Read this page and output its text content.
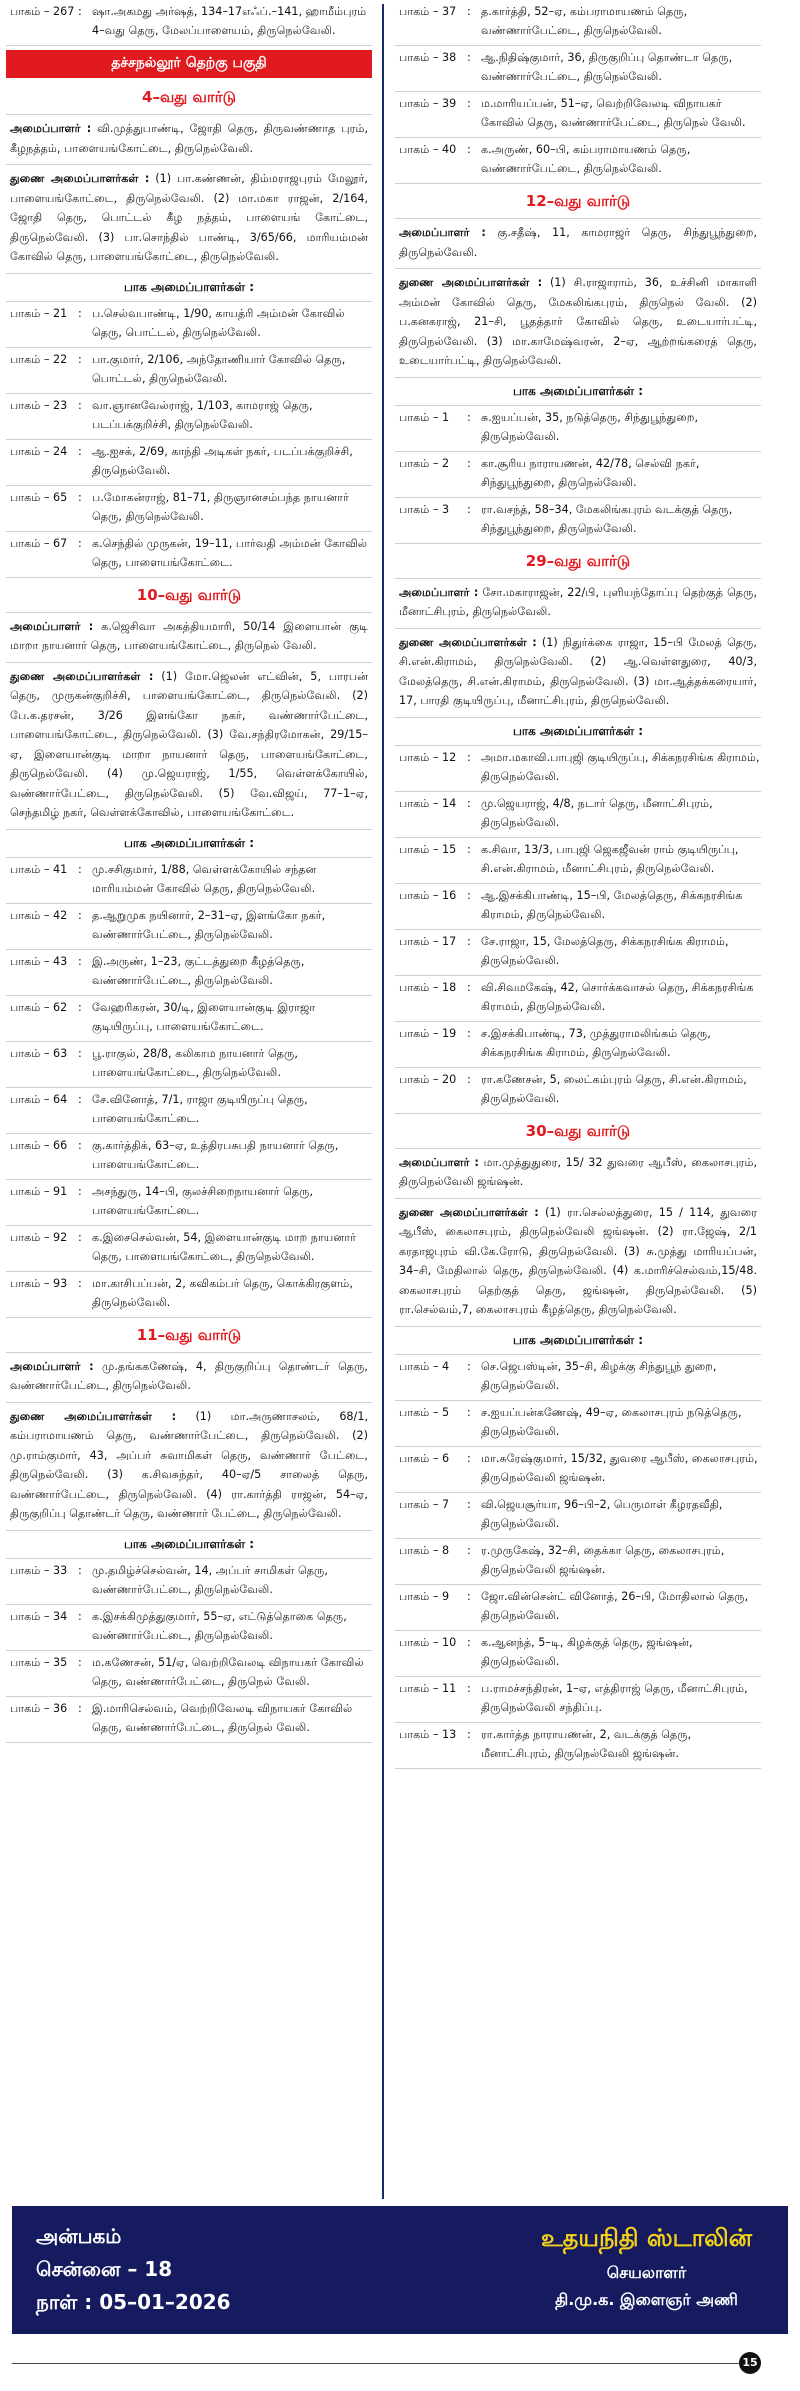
பாகம் – 267 : ஷா.அகமது அர்ஷத், 134–17எஃப்.–141, ஹாமீம்புரம் 4–வது தெரு, மேலப்பாளையம், திருநெல்வேலி.
தச்சநல்லூர் தெற்கு பகுதி
4–வது வார்டு
அமைப்பாளர் : வி.முத்துபாண்டி, ஜோதி தெரு, திருவண்ணாத புரம், கீழநத்தம், பாளையங்கோட்டை, திருநெல்வேலி.
துணை அமைப்பாளர்கள் : (1) பா.கண்ணன், திம்மராஜபுரம் மேலூர், பாளையங்கோட்டை, திருநெல்வேலி. (2) மா.மகா ராஜன், 2/164, ஜோதி தெரு, பொட்டல் கீழ நத்தம், பாளையங் கோட்டை, திருநெல்வேலி. (3) பா.சொந்தில் பாண்டி, 3/65/66, மாரியம்மன் கோவில் தெரு, பாளையங்கோட்டை, திருநெல்வேலி.
பாக அமைப்பாளர்கள் :
பாகம் – 21 : ப.செல்வபாண்டி, 1/90, காயத்ரி அம்மன் கோவில் தெரு, பொட்டல், திருநெல்வேலி.
பாகம் – 22 : பா.குமார், 2/106, அந்தோணியார் கோவில் தெரு, பொட்டல், திருநெல்வேலி.
பாகம் – 23 : வா.ஞானவேல்ராஜ், 1/103, காமராஜ் தெரு, படப்பக்குறிச்சி, திருநெல்வேலி.
பாகம் – 24 : ஆ.ஐசக், 2/69, காந்தி அடிகள் நகர், படப்பக்குறிச்சி, திருநெல்வேலி.
பாகம் – 65 : ப.மோகன்ராஜ், 81–71, திருஞானசம்பந்த நாயனார் தெரு, திருநெல்வேலி.
பாகம் – 67 : க.செந்தில் முருகன், 19–11, பார்வதி அம்மன் கோவில் தெரு, பாளையங்கோட்டை.
10–வது வார்டு
அமைப்பாளர் : க.ஜெசிவா அகத்தியமாரி, 50/14 இளையான் குடி மாறா நாயனார் தெரு, பாளையங்கோட்டை, திருநெல் வேலி.
துணை அமைப்பாளர்கள் : (1) மோ.ஜெலன் எட்வின், 5, பாரபன் தெரு, முருகன்குறிச்சி, பாளையங்கோட்டை, திருநெல்வேலி. (2) பே.க.தரசன், 3/26 இளங்கோ நகர், வண்ணார்பேட்டை, பாளையங்கோட்டை, திருநெல்வேலி. (3) வே.சந்திரமோகன், 29/15–ஏ, இளையான்குடி மாறா நாயனார் தெரு, பாளையங்கோட்டை, திருநெல்வேலி. (4) மு.ஜெயராஜ், 1/55, வெள்ளக்கோயில், வண்ணார்பேட்டை, திருநெல்வேலி. (5) வே.விஜய், 77–1–ஏ, செந்தமிழ் நகர், வெள்ளக்கோவில், பாளையங்கோட்டை.
பாக அமைப்பாளர்கள் :
பாகம் – 41 : மு.சசிகுமார், 1/88, வெள்ளக்கோயில் சந்தன மாரியம்மன் கோவில் தெரு, திருநெல்வேலி.
பாகம் – 42 : த.ஆறுமுக நயினார், 2–31–ஏ, இளங்கோ நகர், வண்ணார்பேட்டை, திருநெல்வேலி.
பாகம் – 43 : இ.அருண், 1–23, குட்டத்துறை கீழத்தெரு, வண்ணார்பேட்டை, திருநெல்வேலி.
பாகம் – 62 : வேஹரிகரன், 30/டி, இளையான்குடி இராஜா குடியிருப்பு, பாளையங்கோட்டை.
பாகம் – 63 : பூ.ராகுல், 28/8, கலிகாம நாயனார் தெரு, பாளையங்கோட்டை, திருநெல்வேலி.
பாகம் – 64 : சே.வினோத், 7/1, ராஜா குடியிருப்பு தெரு, பாளையங்கோட்டை.
பாகம் – 66 : கு.கார்த்திக், 63–ஏ, உத்திரபசுபதி நாயனார் தெரு, பாளையங்கோட்டை.
பாகம் – 91 : அசந்துரு, 14–பி, குலச்சிறைநாயனார் தெரு, பாளையங்கோட்டை.
பாகம் – 92 : க.இசைசெல்வன், 54, இளையான்குடி மாற நாயனார் தெரு, பாளையங்கோட்டை, திருநெல்வேலி.
பாகம் – 93 : மா.காசிபப்பன், 2, கவிகம்பர் தெரு, கொக்கிரகுளம், திருநெல்வேலி.
11–வது வார்டு
அமைப்பாளர் : மு.தங்ககணேஷ், 4, திருகுறிப்பு தொண்டர் தெரு, வண்ணார்பேட்டை, திருநெல்வேலி.
துணை அமைப்பாளர்கள் : (1) மா.அருணாசலம், 68/1, கம்பராமாயணம் தெரு, வண்ணார்பேட்டை, திருநெல்வேலி. (2) மு.ராம்குமார், 43, அப்பர் சுவாமிகள் தெரு, வண்ணார் பேட்டை, திருநெல்வேலி. (3) க.சிவசுந்தர், 40–ஏ/5 சாலைத் தெரு, வண்ணார்பேட்டை, திருநெல்வேலி. (4) ரா.கார்த்தி ராஜன், 54–ஏ, திருகுறிப்பு தொண்டர் தெரு, வண்ணார் பேட்டை, திருநெல்வேலி.
பாக அமைப்பாளர்கள் :
பாகம் – 33 : மு.தமிழ்ச்செல்வன், 14, அப்பர் சாமிகள் தெரு, வண்ணார்பேட்டை, திருநெல்வேலி.
பாகம் – 34 : க.இசக்கிமுத்துகுமார், 55–ஏ, எட்டுத்தொகை தெரு, வண்ணார்பேட்டை, திருநெல்வேலி.
பாகம் – 35 : ம.கணேசன், 51/ஏ, வெற்றிவேலடி விநாயகர் கோவில் தெரு, வண்ணார்பேட்டை, திருநெல் வேலி.
பாகம் – 36 : இ.மாரிசெல்வம், வெற்றிவேலடி விநாயகர் கோவில் தெரு, வண்ணார்பேட்டை, திருநெல் வேலி.
பாகம் – 37 : த.கார்த்தி, 52–ஏ, கம்பராமாயணம் தெரு, வண்ணார்பேட்டை, திருநெல்வேலி.
பாகம் – 38 : ஆ.நிதிஷ்குமார், 36, திருகுறிப்பு தொண்டா தெரு, வண்ணார்பேட்டை, திருநெல்வேலி.
பாகம் – 39 : ம.மாரியப்பன், 51–ஏ, வெற்றிவேலடி விநாயகர் கோவில் தெரு, வண்ணார்பேட்டை, திருநெல் வேலி.
பாகம் – 40 : க.அருண், 60–பி, கம்பராமாயணம் தெரு, வண்ணார்பேட்டை, திருநெல்வேலி.
12–வது வார்டு
அமைப்பாளர் : கு.சதீஷ், 11, காமராஜர் தெரு, சிந்துபூந்துறை, திருநெல்வேலி.
துணை அமைப்பாளர்கள் : (1) சி.ராஜாராம், 36, உச்சினி மாகாளி அம்மன் கோவில் தெரு, மேகலிங்கபுரம், திருநெல் வேலி. (2) ப.கனகராஜ், 21–சி, பூதத்தார் கோவில் தெரு, உடையார்பட்டி, திருநெல்வேலி. (3) மா.காமேஷ்வரன், 2–ஏ, ஆற்றங்கரைத் தெரு, உடையார்பட்டி, திருநெல்வேலி.
பாக அமைப்பாளர்கள் :
பாகம் – 1	: சு.ஐயப்பன், 35, நடுத்தெரு, சிந்துபூந்துறை, திருநெல்வேலி.
பாகம் – 2	: கா.சூரிய நாராயணன், 42/78, செல்வி நகர், சிந்துபூந்துறை, திருநெல்வேலி.
பாகம் – 3	: ரா.வசந்த், 58–34, மேகலிங்கபுரம் வடக்குத் தெரு, சிந்துபூந்துறை, திருநெல்வேலி.
29–வது வார்டு
அமைப்பாளர் : சோ.மகாராஜன், 22/பி, புளியந்தோப்பு தெற்குத் தெரு, மீனாட்சிபுரம், திருநெல்வேலி.
துணை அமைப்பாளர்கள் : (1) நிதுர்க்கை ராஜா, 15–பி மேலத் தெரு, சி.என்.கிராமம், திருநெல்வேலி. (2) ஆ.வெள்ளதுரை, 40/3, மேலத்தெரு, சி.என்.கிராமம், திருநெல்வேலி. (3) மா.ஆத்தக்கரையார், 17, பாரதி குடியிருப்பு, மீனாட்சிபுரம், திருநெல்வேலி.
பாக அமைப்பாளர்கள் :
பாகம் – 12 : அமா.மகாவி.பாபுஜி குடியிருப்பு, சிக்கநரசிங்க கிராமம், திருநெல்வேலி.
பாகம் – 14 : மு.ஜெயராஜ், 4/8, நடார் தெரு, மீனாட்சிபுரம், திருநெல்வேலி.
பாகம் – 15 : க.சிவா, 13/3, பாபுஜி ஜெகஜீவன் ராம் குடியிருப்பு, சி.என்.கிராமம், மீனாட்சிபுரம், திருநெல்வேலி.
பாகம் – 16 : ஆ.இசக்கிபாண்டி, 15–பி, மேலத்தெரு, சிக்கநரசிங்க கிராமம், திருநெல்வேலி.
பாகம் – 17 : சே.ராஜா, 15, மேலத்தெரு, சிக்கநரசிங்க கிராமம், திருநெல்வேலி.
பாகம் – 18 : வி.சிவமகேஷ், 42, சொர்க்கவாசல் தெரு, சிக்கநரசிங்க கிராமம், திருநெல்வேலி.
பாகம் – 19 : ச.இசக்கிபாண்டி, 73, முத்துராமலிங்கம் தெரு, சிக்கநரசிங்க கிராமம், திருநெல்வேலி.
பாகம் – 20 : ரா.கணேசன், 5, லைட்கம்புரம் தெரு, சி.என்.கிராமம், திருநெல்வேலி.
30–வது வார்டு
அமைப்பாளர் : மா.முத்துதுரை, 15/ 32 துவரை ஆபீஸ், கைலாசபுரம், திருநெல்வேலி ஜங்ஷன்.
துணை அமைப்பாளர்கள் : (1) ரா.செல்லத்துரை, 15 / 114, துவரை ஆபீஸ், கைலாசபுரம், திருநெல்வேலி ஜங்ஷன். (2) ரா.ஜேஷ், 2/1 கரதாஜபுரம் வி.கே.ரோடு, திருநெல்வேலி. (3) சு.முத்து மாரியப்பன், 34–சி, மேதிலால் தெரு, திருநெல்வேலி. (4) க.மாரிச்செல்வம்,15/48. கைலாசபுரம் தெற்குத் தெரு, ஜங்ஷன், திருநெல்வேலி. (5) ரா.செல்வம்,7, கைலாசபுரம் கீழத்தெரு, திருநெல்வேலி.
பாக அமைப்பாளர்கள் :
பாகம் – 4	: செ.ஜெபஸ்டின், 35–சி, கிழக்கு சிந்துபூந் துறை, திருநெல்வேலி.
பாகம் – 5	: ச.ஐயப்பன்கணேஷ், 49–ஏ, கைலாசபுரம் நடுத்தெரு, திருநெல்வேலி.
பாகம் – 6	: மா.சுரேஷ்குமார், 15/32, துவரை ஆபீஸ், கைலாசபுரம், திருநெல்வேலி ஜங்ஷன்.
பாகம் – 7	: வி.ஜெயசூர்யா, 96–பி–2, பெருமாள் கீழரதவீதி, திருநெல்வேலி.
பாகம் – 8	: ர.முருகேஷ், 32–சி, தைக்கா தெரு, கைலாசபுரம், திருநெல்வேலி ஜங்ஷன்.
பாகம் – 9	: ஜோ.வின்சென்ட் வினோத், 26–பி, மோதிலால் தெரு, திருநெல்வேலி.
பாகம் – 10 : க.ஆனந்த், 5–டி, கிழக்குத் தெரு, ஜங்ஷன், திருநெல்வேலி.
பாகம் – 11 : ப.ராமச்சந்திரன், 1–ஏ, எத்திராஜ் தெரு, மீனாட்சிபுரம், திருநெல்வேலி சந்திப்பு.
பாகம் – 13 : ரா.கார்த்த நாராயணன், 2, வடக்குத் தெரு, மீனாட்சிபுரம், திருநெல்வேலி ஜங்ஷன்.
அன்பகம்
சென்னை – 18
நாள் : 05–01–2026
உதயநிதி ஸ்டாலின்
செயலாளர்
தி.மு.க. இளைஞர் அணி
15
